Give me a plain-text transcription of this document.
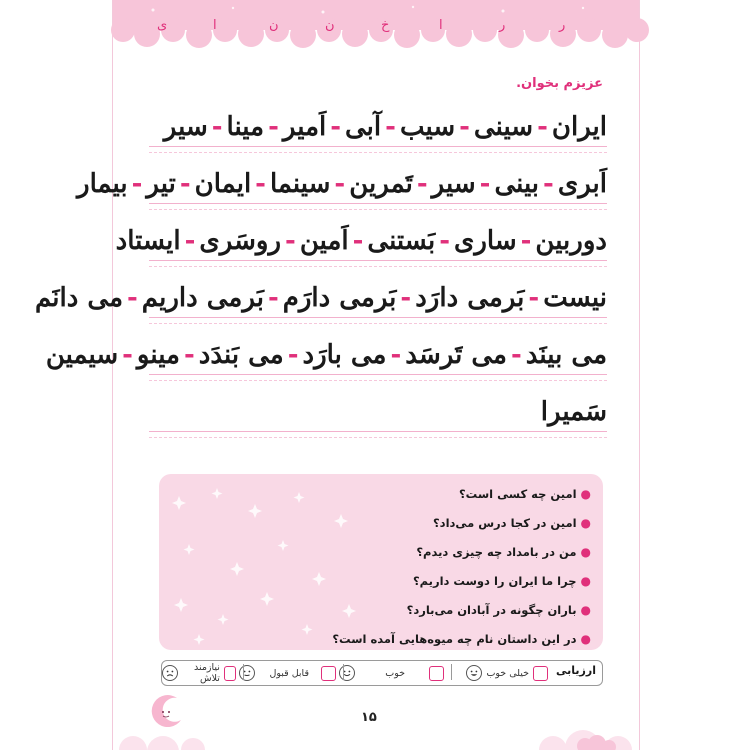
ر
ر
ا
خ
ن
ن
ا
ی
عزیزم بخوان.
ایران-سینی-سیب-آبی-اَمیر-مینا-سیر
اَبری-بینی-سیر-تَمرین-سینما-ایمان-تیر-بیمار
دوربین-ساری-بَستنی-اَمین-روسَری-ایستاد
نیست-بَرمی دارَد-بَرمی دارَم-بَرمی داریم-می دانَم
می بینَد-می تَرسَد-می بارَد-می بَندَد-مینو-سیمین
سَمیرا
●امین چه کسی است؟
●امین در کجا درس می‌داد؟
●من در بامداد چه چیزی دیدم؟
●چرا ما ایران را دوست داریم؟
●باران چگونه در آبادان می‌بارد؟
●در این داستان نام چه میوه‌هایی آمده است؟
ارزیابی
خیلی خوب
خوب
قابل قبول
نیازمند تلاش
۱۵
